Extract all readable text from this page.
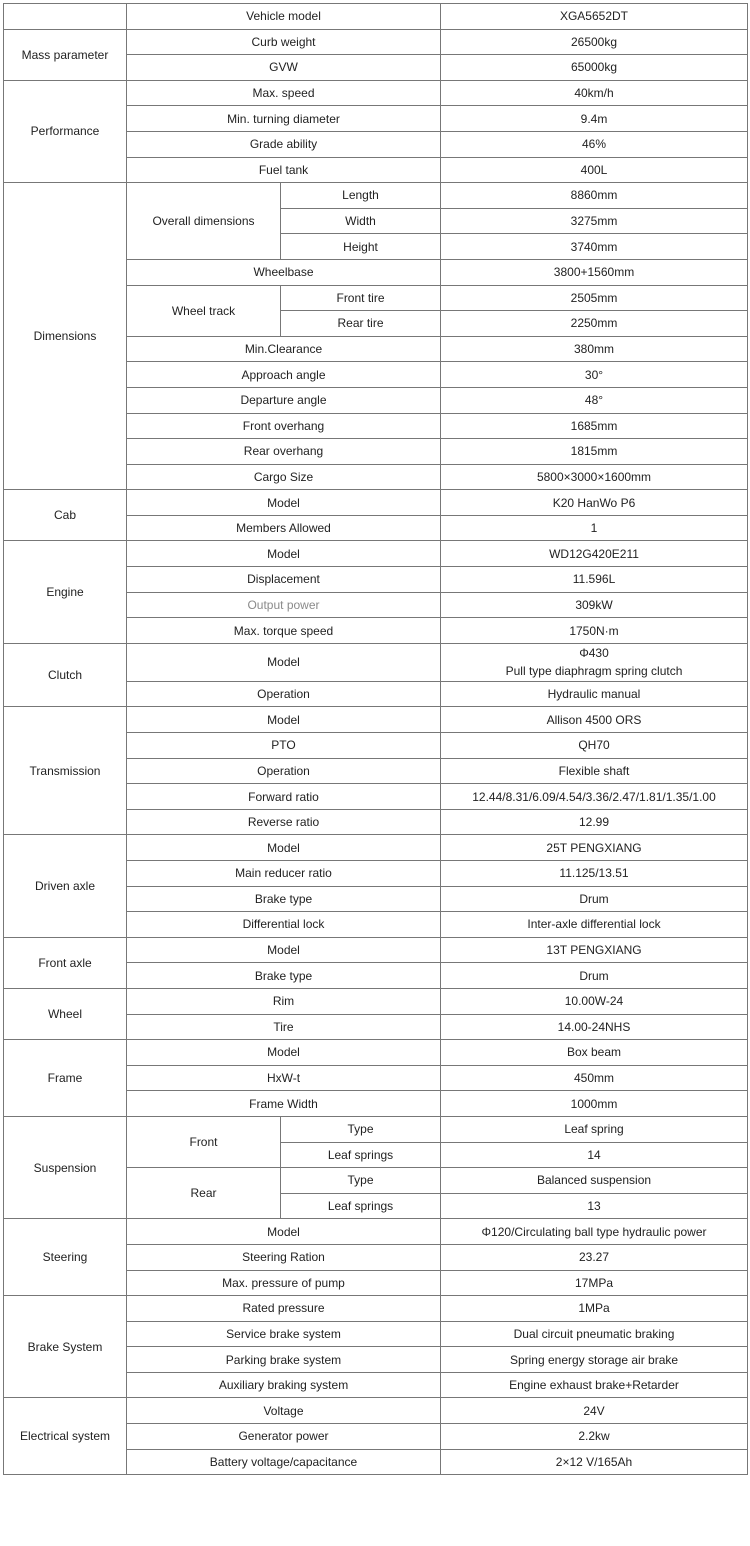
	Vehicle model		XGA5652DT
Mass parameter	Curb weight		26500kg
	GVW		65000kg
Performance	Max. speed		40km/h
	Min. turning diameter		9.4m
	Grade ability		46%
	Fuel tank		400L
Dimensions	Overall dimensions	Length	8860mm
		Width	3275mm
		Height	3740mm
	Wheelbase		3800+1560mm
	Wheel track	Front tire	2505mm
		Rear tire	2250mm
	Min.Clearance		380mm
	Approach angle		30°
	Departure angle		48°
	Front overhang		1685mm
	Rear overhang		1815mm
	Cargo Size		5800×3000×1600mm
Cab	Model		K20 HanWo P6
	Members Allowed		1
Engine	Model		WD12G420E211
	Displacement		11.596L
	Output power		309kW
	Max. torque speed		1750N·m
Clutch	Model		Φ430
Pull type diaphragm spring clutch

	Operation		Hydraulic manual
Transmission	Model		Allison 4500 ORS
	PTO		QH70
	Operation		Flexible shaft
	Forward ratio		12.44/8.31/6.09/4.54/3.36/2.47/1.81/1.35/1.00
	Reverse ratio		12.99
Driven axle	Model		25T PENGXIANG
	Main reducer ratio		11.125/13.51
	Brake type		Drum
	Differential lock		Inter-axle differential lock
Front axle	Model		13T PENGXIANG
	Brake type		Drum
Wheel	Rim		10.00W-24
	Tire		14.00-24NHS
Frame	Model		Box beam
	HxW-t		450mm
	Frame Width		1000mm
Suspension	Front	Type	Leaf spring
		Leaf springs	14
	Rear	Type	Balanced suspension
		Leaf springs	13
Steering	Model		Φ120/Circulating ball type hydraulic power
	Steering Ration		23.27
	Max. pressure of pump		17MPa
Brake System	Rated pressure		1MPa
	Service brake system		Dual circuit pneumatic braking
	Parking brake system		Spring energy storage air brake
	Auxiliary braking system		Engine exhaust brake+Retarder
Electrical system	Voltage		24V
	Generator power		2.2kw
	Battery voltage/capacitance		2×12 V/165Ah
